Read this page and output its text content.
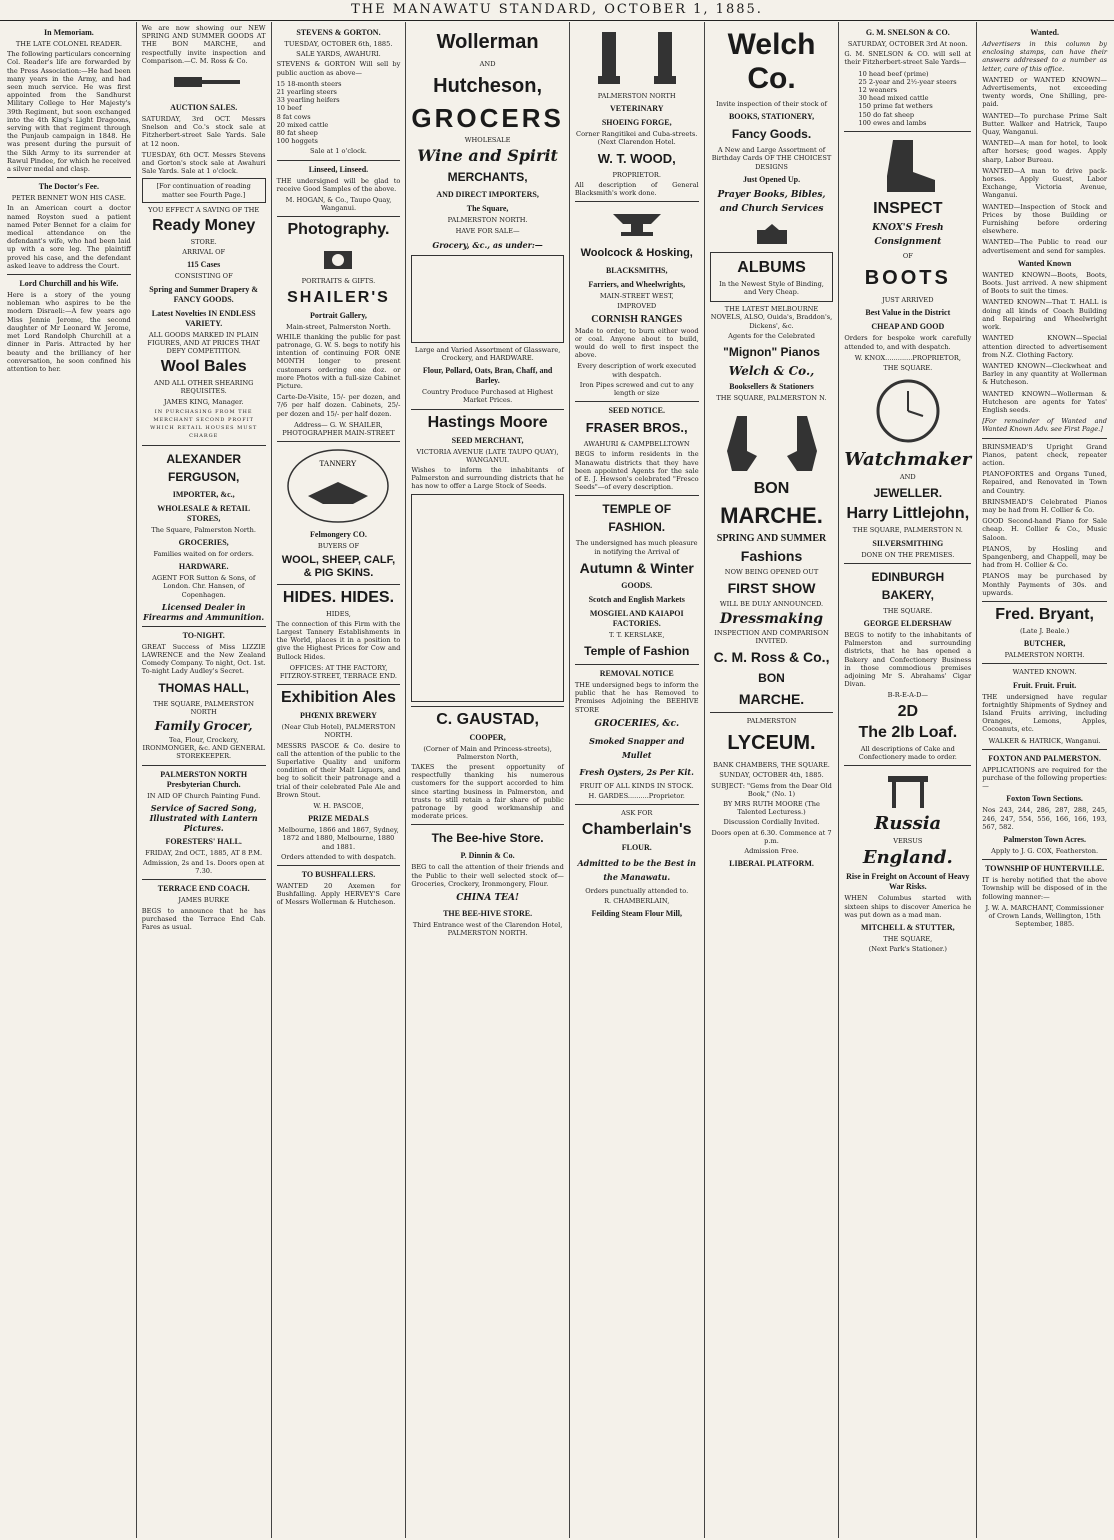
THE MANAWATU STANDARD, OCTOBER 1, 1885.
In Memoriam.
THE LATE COLONEL READER.

The following particulars concerning Col. Reader's life are forwarded by the Press Association:—He had been many years in the Army, and had seen much service. He was first appointed from the Sandhurst Military College to Her Majesty's 39th Regiment, but soon exchanged into the 4th King's Light Dragoons, serving with that regiment through the Punjaub campaign in 1848. He was present during the pursuit of the Sikh Army to its surrender at Rawul Pindee, for which he received a silver medal and clasp.

The Doctor's Fee.
PETER BENNET WON HIS CASE.

In an American court a doctor named Royston sued a patient named Peter Bennet for a claim for medical attendance on the defendant's wife, who had been laid up with a sore leg. The plaintiff proved his case, and the defendant asked leave to address the Court.

Lord Churchill and his Wife.

Here is a story of the young nobleman who aspires to be the modern Disraeli:—A few years ago Miss Jennie Jerome, the second daughter of Mr Leonard W. Jerome, met Lord Randolph Churchill at a dinner in Paris. Attracted by her beauty and the brilliancy of her conversation, he soon confined his attention to her.

We are now showing our NEW SPRING AND SUMMER GOODS AT THE BON MARCHE, and respectfully invite inspection and Comparison.—C. M. Ross & Co.

AUCTION SALES.

SATURDAY, 3rd OCT. Messrs Snelson and Co.'s stock sale at Fitzherbert-street Sale Yards. Sale at 12 noon.

TUESDAY, 6th OCT. Messrs Stevens and Gorton's stock sale at Awahuri Sale Yards. Sale at 1 o'clock.

[For continuation of reading matter see Fourth Page.]
YOU EFFECT A SAVING OF THE
Ready Money
STORE.
ARRIVAL OF
115 Cases
CONSISTING OF
Spring and Summer Drapery & FANCY GOODS.
Latest Novelties IN ENDLESS VARIETY.
ALL GOODS MARKED IN PLAIN FIGURES, AND AT PRICES THAT DEFY COMPETITION.
Wool Bales
AND ALL OTHER SHEARING REQUISITES.
JAMES KING, Manager.
IN PURCHASING FROM THE MERCHANT SECOND PROFIT WHICH RETAIL HOUSES MUST CHARGE
ALEXANDER FERGUSON,
IMPORTER, &c.,
WHOLESALE & RETAIL STORES,
The Square, Palmerston North.
GROCERIES,
Families waited on for orders.
HARDWARE.
AGENT FOR Sutton & Sons, of London. Chr. Hansen, of Copenhagen.
Licensed Dealer in Firearms and Ammunition.
TO-NIGHT.

GREAT Success of Miss LIZZIE LAWRENCE and the New Zealand Comedy Company. To night, Oct. 1st. To-night Lady Audley's Secret.

THOMAS HALL,
THE SQUARE, PALMERSTON NORTH
Family Grocer,
Tea, Flour, Crockery, IRONMONGER, &c. AND GENERAL STOREKEEPER.
PALMERSTON NORTH Presbyterian Church.
IN AID OF Church Painting Fund.
Service of Sacred Song, Illustrated with Lantern Pictures.
FORESTERS' HALL.
FRIDAY, 2nd OCT., 1885, AT 8 P.M.
Admission, 2s and 1s. Doors open at 7.30.
TERRACE END COACH.
JAMES BURKE

BEGS to announce that he has purchased the Terrace End Cab. Fares as usual.

STEVENS & GORTON.
TUESDAY, OCTOBER 6th, 1885.
SALE YARDS, AWAHURI.

STEVENS & GORTON Will sell by public auction as above—

15 18-month steers
21 yearling steers
33 yearling heifers
10 beef
8 fat cows
20 mixed cattle
80 fat sheep
100 hoggets
Sale at 1 o'clock.
Linseed, Linseed.

THE undersigned will be glad to receive Good Samples of the above.

M. HOGAN, & Co., Taupo Quay, Wanganui.
Photography.
PORTRAITS & GIFTS.
SHAILER'S
Portrait Gallery,
Main-street, Palmerston North.

WHILE thanking the public for past patronage, G. W. S. begs to notify his intention of continuing FOR ONE MONTH longer to present customers ordering one doz. or more Photos with a full-size Cabinet Picture.

Carte-De-Visite, 15/- per dozen, and 7/6 per half dozen. Cabinets, 25/- per dozen and 15/- per half dozen.

Address— G. W. SHAILER, PHOTOGRAPHER MAIN-STREET
TANNERY
Felmongery CO.
BUYERS OF
WOOL, SHEEP, CALF, & PIG SKINS.
HIDES. HIDES.
HIDES,

The connection of this Firm with the Largest Tannery Establishments in the World, places it in a position to give the Highest Prices for Cow and Bullock Hides.

OFFICES: AT THE FACTORY, FITZROY-STREET, TERRACE END.
Exhibition Ales
PHŒNIX BREWERY
(Near Club Hotel), PALMERSTON NORTH.

MESSRS PASCOE & Co. desire to call the attention of the public to the Superlative Quality and uniform condition of their Malt Liquors, and beg to solicit their patronage and a trial of their celebrated Pale Ale and Brown Stout.

W. H. PASCOE,
PRIZE MEDALS
Melbourne, 1866 and 1867, Sydney, 1872 and 1880, Melbourne, 1880 and 1881.
Orders attended to with despatch.
TO BUSHFALLERS.

WANTED 20 Axemen for Bushfalling. Apply HERVEY'S Care of Messrs Wollerman & Hutcheson.

Wollerman
AND
Hutcheson,
GROCERS
WHOLESALE
Wine and Spirit
MERCHANTS,
AND DIRECT IMPORTERS,
The Square,
PALMERSTON NORTH.
HAVE FOR SALE—
Grocery, &c., as under:—
Large and Varied Assortment of Glassware, Crockery, and HARDWARE.
Flour, Pollard, Oats, Bran, Chaff, and Barley.
Country Produce Purchased at Highest Market Prices.
Hastings Moore
SEED MERCHANT,
VICTORIA AVENUE (LATE TAUPO QUAY), WANGANUI.

Wishes to inform the inhabitants of Palmerston and surrounding districts that he has now to offer a Large Stock of Seeds.

C. GAUSTAD,
COOPER,
(Corner of Main and Princess-streets), Palmerston North,

TAKES the present opportunity of respectfully thanking his numerous customers for the support accorded to him since starting business in Palmerston, and trusts to still retain a fair share of public patronage by good workmanship and moderate prices.

The Bee-hive Store.
P. Dinnin & Co.

BEG to call the attention of their friends and the Public to their well selected stock of— Groceries, Crockery, Ironmongery, Flour.

CHINA TEA!
THE BEE-HIVE STORE.
Third Entrance west of the Clarendon Hotel, PALMERSTON NORTH.
PALMERSTON NORTH
VETERINARY
SHOEING FORGE,
Corner Rangitikei and Cuba-streets. (Next Clarendon Hotel.
W. T. WOOD,
PROPRIETOR.

All description of General Blacksmith's work done.

Woolcock & Hosking,
BLACKSMITHS,
Farriers, and Wheelwrights,
MAIN-STREET WEST,
IMPROVED
CORNISH RANGES

Made to order, to burn either wood or coal. Anyone about to build, would do well to first inspect the above.

Every description of work executed with despatch.
Iron Pipes screwed and cut to any length or size
SEED NOTICE.
FRASER BROS.,
AWAHURI & CAMPBELLTOWN

BEGS to inform residents in the Manawatu districts that they have been appointed Agents for the sale of E. J. Hewson's celebrated "Fresco Seeds"—of every description.

TEMPLE OF FASHION.
The undersigned has much pleasure in notifying the Arrival of
Autumn & Winter
GOODS.
Scotch and English Markets
MOSGIEL AND KAIAPOI FACTORIES.
T. T. KERSLAKE,
Temple of Fashion
REMOVAL NOTICE

THE undersigned begs to inform the public that he has Removed to Premises Adjoining the BEEHIVE STORE

GROCERIES, &c.
Smoked Snapper and Mullet
Fresh Oysters, 2s Per Kit.
FRUIT OF ALL KINDS IN STOCK.
H. GARDES..........Proprietor.
ASK FOR
Chamberlain's
FLOUR.
Admitted to be the Best in the Manawatu.
Orders punctually attended to.
R. CHAMBERLAIN,
Feilding Steam Flour Mill,
Welch Co.
Invite inspection of their stock of
BOOKS, STATIONERY,
Fancy Goods.
A New and Large Assortment of Birthday Cards OF THE CHOICEST DESIGNS
Just Opened Up.
Prayer Books, Bibles, and Church Services
ALBUMS
In the Newest Style of Binding, and Very Cheap.
THE LATEST MELBOURNE NOVELS, ALSO, Ouida's, Braddon's, Dickens', &c.
Agents for the Celebrated
"Mignon" Pianos
Welch & Co.,
Booksellers & Stationers
THE SQUARE, PALMERSTON N.
BON
MARCHE.
SPRING AND SUMMER
Fashions
NOW BEING OPENED OUT
FIRST SHOW
WILL BE DULY ANNOUNCED.
Dressmaking
INSPECTION AND COMPARISON INVITED.
C. M. Ross & Co.,
BON
MARCHE.
PALMERSTON
LYCEUM.
BANK CHAMBERS, THE SQUARE.
SUNDAY, OCTOBER 4th, 1885.
SUBJECT: "Gems from the Dear Old Book," (No. 1)
BY MRS RUTH MOORE (The Talented Lecturess.)
Discussion Cordially Invited.
Doors open at 6.30. Commence at 7 p.m.
Admission Free.
LIBERAL PLATFORM.
G. M. SNELSON & CO.
SATURDAY, OCTOBER 3rd At noon.

G. M. SNELSON & CO. will sell at their Fitzherbert-street Sale Yards—

10 head beef (prime)
25 2-year and 2½-year steers
12 weaners
30 head mixed cattle
150 prime fat wethers
150 do fat sheep
100 ewes and lambs
INSPECT
KNOX'S Fresh Consignment
OF
BOOTS
JUST ARRIVED
Best Value in the District
CHEAP AND GOOD

Orders for bespoke work carefully attended to, and with despatch.

W. KNOX.............PROPRIETOR,
THE SQUARE.
Watchmaker
AND
JEWELLER.
Harry Littlejohn,
THE SQUARE, PALMERSTON N.
SILVERSMITHING
DONE ON THE PREMISES.
EDINBURGH BAKERY,
THE SQUARE.
GEORGE ELDERSHAW

BEGS to notify to the inhabitants of Palmerston and surrounding districts, that he has opened a Bakery and Confectionery Business in those commodious premises adjoining Mr S. Abrahams' Cigar Divan.

B-R-E-A-D—
2D
The 2lb Loaf.
All descriptions of Cake and Confectionery made to order.
Russia
VERSUS
England.
Rise in Freight on Account of Heavy War Risks.

WHEN Columbus started with sixteen ships to discover America he was put down as a mad man.

MITCHELL & STUTTER,
THE SQUARE,
(Next Park's Stationer.)
Wanted.

Advertisers in this column by enclosing stamps, can have their answers addressed to a number as letter, care of this office.

WANTED or WANTED KNOWN—Advertisements, not exceeding twenty words, One Shilling, pre-paid.

WANTED—To purchase Prime Salt Butter. Walker and Hatrick, Taupo Quay, Wanganui.

WANTED—A man for hotel, to look after horses; good wages. Apply sharp, Labor Bureau.

WANTED—A man to drive pack-horses. Apply Guest, Labor Exchange, Victoria Avenue, Wanganui.

WANTED—Inspection of Stock and Prices by those Building or Furnishing before ordering elsewhere.

WANTED—The Public to read our advertisement and send for samples.

Wanted Known

WANTED KNOWN—Boots, Boots, Boots. Just arrived. A new shipment of Boots to suit the times.

WANTED KNOWN—That T. HALL is doing all kinds of Coach Building and Repairing and Wheelwright work.

WANTED KNOWN—Special attention directed to advertisement from N.Z. Clothing Factory.

WANTED KNOWN—Cleckwheat and Barley in any quantity at Wollerman & Hutcheson.

WANTED KNOWN—Wollerman & Hutcheson are agents for Yates' English seeds.

[For remainder of Wanted and Wanted Known Adv. see First Page.]

BRINSMEAD'S Upright Grand Pianos, patent check, repeater action.

PIANOFORTES and Organs Tuned, Repaired, and Renovated in Town and Country.

BRINSMEAD'S Celebrated Pianos may be had from H. Collier & Co.

GOOD Second-hand Piano for Sale cheap. H. Collier & Co., Music Saloon.

PIANOS, by Hosling and Spangenberg, and Chappell, may be had from H. Collier & Co.

PIANOS may be purchased by Monthly Payments of 30s. and upwards.

Fred. Bryant,
(Late J. Beale.)
BUTCHER,
PALMERSTON NORTH.
WANTED KNOWN.
Fruit. Fruit. Fruit.

THE undersigned have regular fortnightly Shipments of Sydney and Island Fruits arriving, including Oranges, Lemons, Apples, Cocoanuts, etc.

WALKER & HATRICK, Wanganui.
FOXTON AND PALMERSTON.

APPLICATIONS are required for the purchase of the following properties:—

Foxton Town Sections.

Nos 243, 244, 286, 287, 288, 245, 246, 247, 554, 556, 166, 166, 193, 567, 582.

Palmerston Town Acres.
Apply to J. G. COX, Featherston.
TOWNSHIP OF HUNTERVILLE.

IT is hereby notified that the above Township will be disposed of in the following manner:—

J. W. A. MARCHANT, Commissioner of Crown Lands, Wellington, 15th September, 1885.
